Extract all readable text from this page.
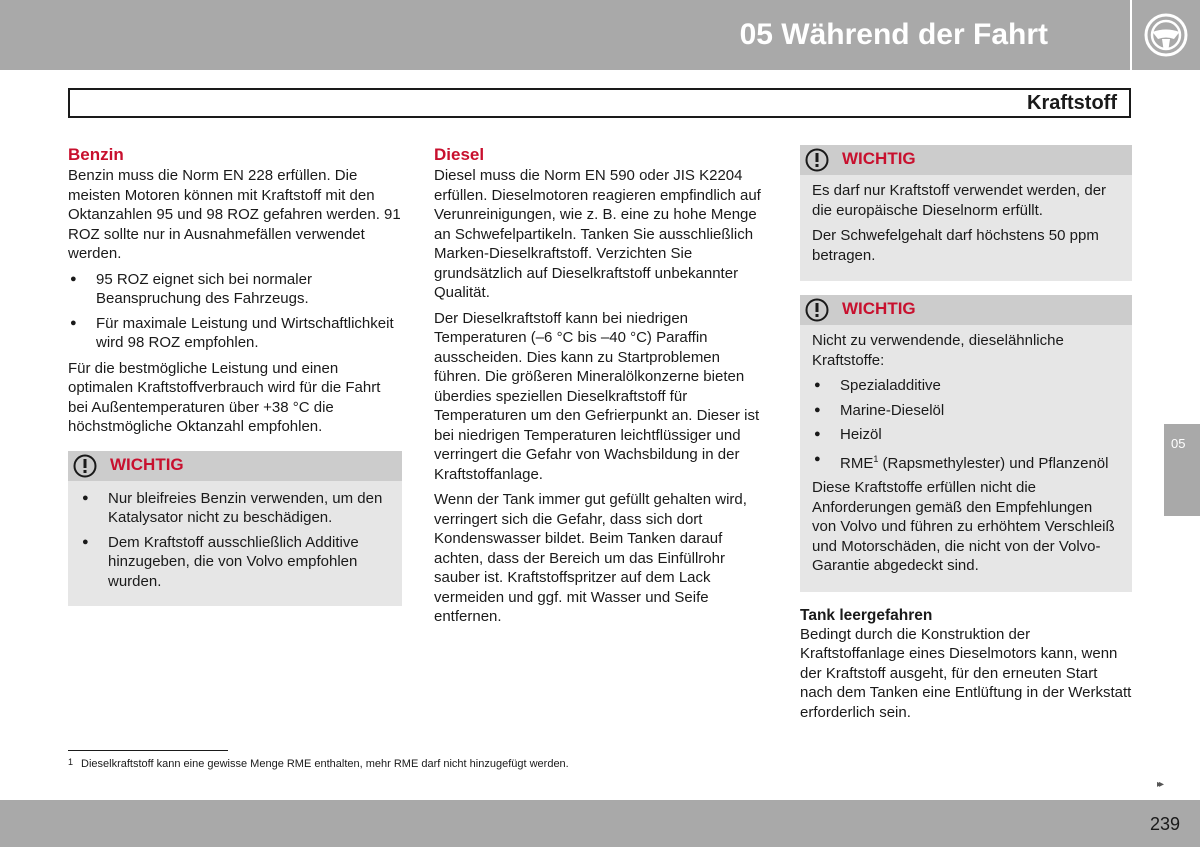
05 Während der Fahrt
Kraftstoff
Benzin

Benzin muss die Norm EN 228 erfüllen. Die meisten Motoren können mit Kraftstoff mit den Oktanzahlen 95 und 98 ROZ gefahren werden. 91 ROZ sollte nur in Ausnahmefällen verwendet werden.

● 95 ROZ eignet sich bei normaler Beanspruchung des Fahrzeugs.
● Für maximale Leistung und Wirtschaftlichkeit wird 98 ROZ empfohlen.

Für die bestmögliche Leistung und einen optimalen Kraftstoffverbrauch wird für die Fahrt bei Außentemperaturen über +38 °C die höchstmögliche Oktanzahl empfohlen.

WICHTIG
● Nur bleifreies Benzin verwenden, um den Katalysator nicht zu beschädigen.
● Dem Kraftstoff ausschließlich Additive hinzugeben, die von Volvo empfohlen wurden.
Diesel

Diesel muss die Norm EN 590 oder JIS K2204 erfüllen. Dieselmotoren reagieren empfindlich auf Verunreinigungen, wie z. B. eine zu hohe Menge an Schwefelpartikeln. Tanken Sie ausschließlich Marken-Dieselkraftstoff. Verzichten Sie grundsätzlich auf Dieselkraftstoff unbekannter Qualität.

Der Dieselkraftstoff kann bei niedrigen Temperaturen (–6 °C bis –40 °C) Paraffin ausscheiden. Dies kann zu Startproblemen führen. Die größeren Mineralölkonzerne bieten überdies speziellen Dieselkraftstoff für Temperaturen um den Gefrierpunkt an. Dieser ist bei niedrigen Temperaturen leichtflüssiger und verringert die Gefahr von Wachsbildung in der Kraftstoffanlage.

Wenn der Tank immer gut gefüllt gehalten wird, verringert sich die Gefahr, dass sich dort Kondenswasser bildet. Beim Tanken darauf achten, dass der Bereich um das Einfüllrohr sauber ist. Kraftstoffspritzer auf dem Lack vermeiden und ggf. mit Wasser und Seife entfernen.

WICHTIG

Es darf nur Kraftstoff verwendet werden, der die europäische Dieselnorm erfüllt.

Der Schwefelgehalt darf höchstens 50 ppm betragen.

WICHTIG

Nicht zu verwendende, dieselähnliche Kraftstoffe:

● Spezialadditive
● Marine-Dieselöl
● Heizöl
● RME$^1$ (Rapsmethylester) und Pflanzenöl

Diese Kraftstoffe erfüllen nicht die Anforderungen gemäß den Empfehlungen von Volvo und führen zu erhöhtem Verschleiß und Motorschäden, die nicht von der Volvo-Garantie abgedeckt sind.

Tank leergefahren

Bedingt durch die Konstruktion der Kraftstoffanlage eines Dieselmotors kann, wenn der Kraftstoff ausgeht, für den erneuten Start nach dem Tanken eine Entlüftung in der Werkstatt erforderlich sein.

05
1 Dieselkraftstoff kann eine gewisse Menge RME enthalten, mehr RME darf nicht hinzugefügt werden.
▸▸
239
